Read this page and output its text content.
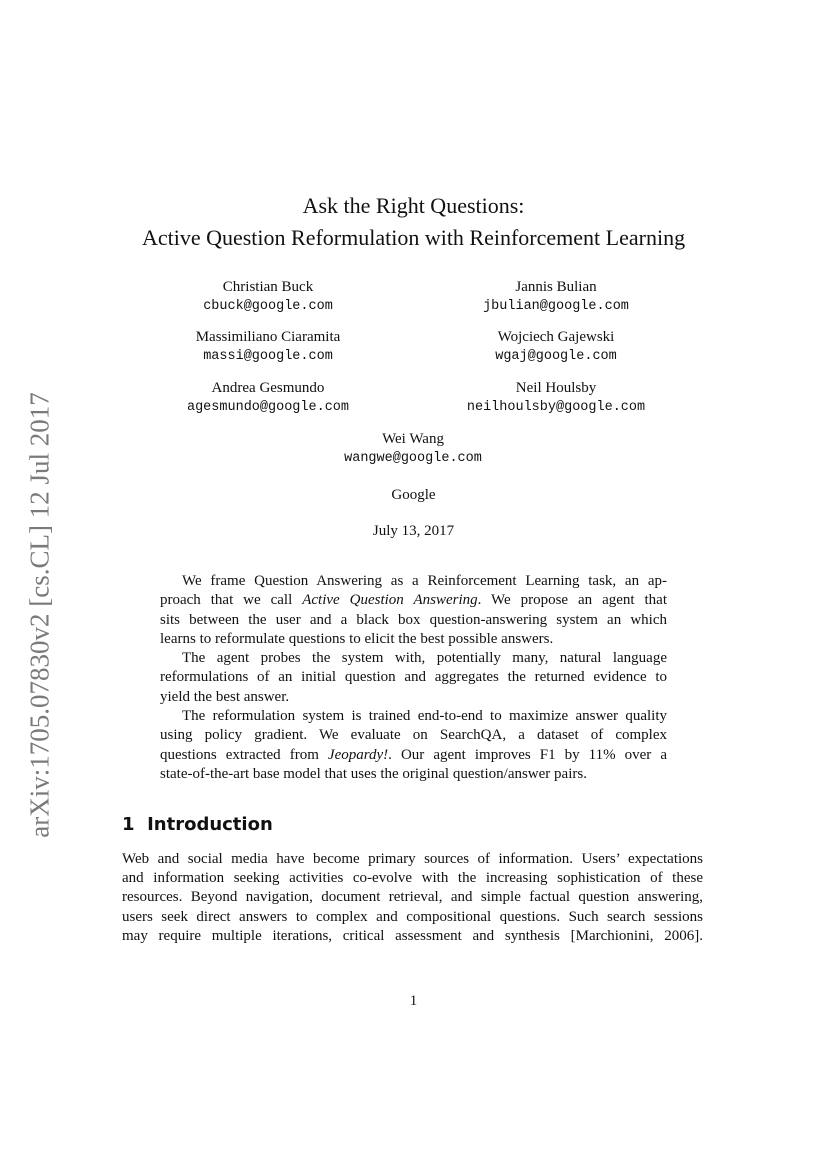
arXiv:1705.07830v2 [cs.CL] 12 Jul 2017
Ask the Right Questions:
Active Question Reformulation with Reinforcement Learning
Christian Buck
cbuck@google.com
Jannis Bulian
jbulian@google.com
Massimiliano Ciaramita
massi@google.com
Wojciech Gajewski
wgaj@google.com
Andrea Gesmundo
agesmundo@google.com
Neil Houlsby
neilhoulsby@google.com
Wei Wang
wangwe@google.com
Google
July 13, 2017
We frame Question Answering as a Reinforcement Learning task, an ap-
proach that we call Active Question Answering. We propose an agent that
sits between the user and a black box question-answering system an which
learns to reformulate questions to elicit the best possible answers.
The agent probes the system with, potentially many, natural language
reformulations of an initial question and aggregates the returned evidence to
yield the best answer.
The reformulation system is trained end-to-end to maximize answer quality
using policy gradient. We evaluate on SearchQA, a dataset of complex
questions extracted from Jeopardy!. Our agent improves F1 by 11% over a
state-of-the-art base model that uses the original question/answer pairs.
1 Introduction
Web and social media have become primary sources of information. Users’ expectations
and information seeking activities co-evolve with the increasing sophistication of these
resources. Beyond navigation, document retrieval, and simple factual question answering,
users seek direct answers to complex and compositional questions. Such search sessions
may require multiple iterations, critical assessment and synthesis [Marchionini, 2006].
1
